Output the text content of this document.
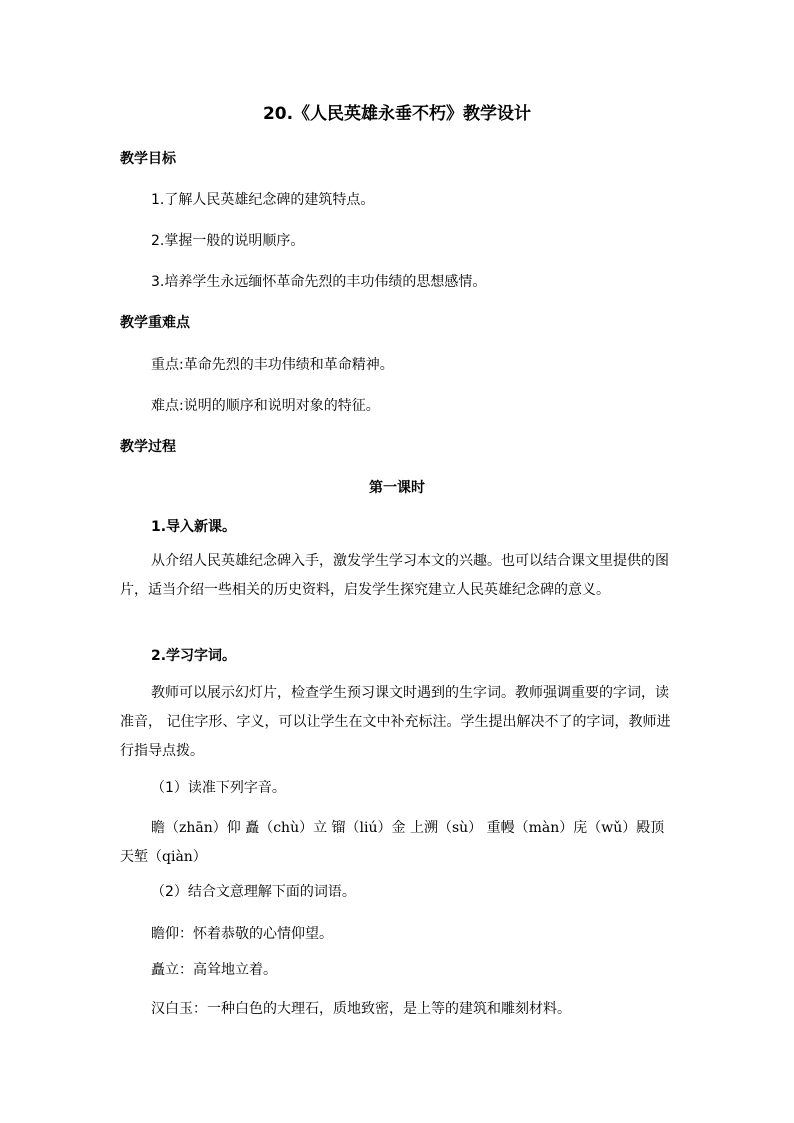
20.《人民英雄永垂不朽》教学设计
教学目标

1.了解人民英雄纪念碑的建筑特点。

2.掌握一般的说明顺序。

3.培养学生永远缅怀革命先烈的丰功伟绩的思想感情。

教学重难点

重点:革命先烈的丰功伟绩和革命精神。

难点:说明的顺序和说明对象的特征。

教学过程

第一课时

1.导入新课。

从介绍人民英雄纪念碑入手，激发学生学习本文的兴趣。也可以结合课文里提供的图片，适当介绍一些相关的历史资料，启发学生探究建立人民英雄纪念碑的意义。

2.学习字词。

教师可以展示幻灯片，检查学生预习课文时遇到的生字词。教师强调重要的字词，读准音， 记住字形、字义，可以让学生在文中补充标注。学生提出解决不了的字词，教师进行指导点拨。

（1）读准下列字音。

瞻（zhān）仰 矗（chù）立 镏（liú）金 上溯（sù） 重幔（màn）庑（wǔ）殿顶 天堑（qiàn）

（2）结合文意理解下面的词语。

瞻仰：怀着恭敬的心情仰望。

矗立：高耸地立着。

汉白玉：一种白色的大理石，质地致密，是上等的建筑和雕刻材料。
